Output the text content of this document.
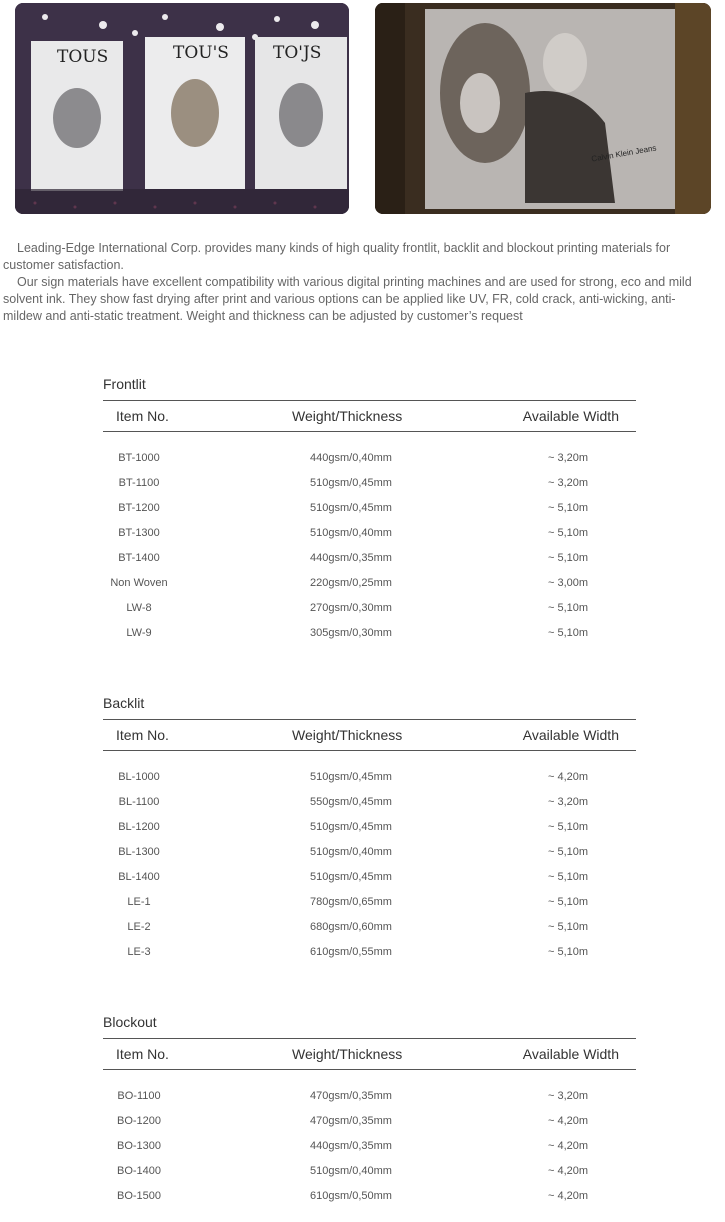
TOUS	TOU'S	TO'JS
Calvin Klein Jeans

Leading-Edge International Corp. provides many kinds of high quality frontlit, backlit and blockout printing materials for customer satisfaction.

Our sign materials have excellent compatibility with various digital printing machines and are used for strong, eco and mild solvent ink. They show fast drying after print and various options can be applied like UV, FR, cold crack, anti-wicking, anti-mildew and anti-static treatment. Weight and thickness can be adjusted by customer’s request

Frontlit
Item No.	Weight/Thickness	Available Width
BT-1000	440gsm/0,40mm	~ 3,20m
BT-1100	510gsm/0,45mm	~ 3,20m
BT-1200	510gsm/0,45mm	~ 5,10m
BT-1300	510gsm/0,40mm	~ 5,10m
BT-1400	440gsm/0,35mm	~ 5,10m
Non Woven	220gsm/0,25mm	~ 3,00m
LW-8	270gsm/0,30mm	~ 5,10m
LW-9	305gsm/0,30mm	~ 5,10m
Backlit
Item No.	Weight/Thickness	Available Width
BL-1000	510gsm/0,45mm	~ 4,20m
BL-1100	550gsm/0,45mm	~ 3,20m
BL-1200	510gsm/0,45mm	~ 5,10m
BL-1300	510gsm/0,40mm	~ 5,10m
BL-1400	510gsm/0,45mm	~ 5,10m
LE-1	780gsm/0,65mm	~ 5,10m
LE-2	680gsm/0,60mm	~ 5,10m
LE-3	610gsm/0,55mm	~ 5,10m
Blockout
Item No.	Weight/Thickness	Available Width
BO-1100	470gsm/0,35mm	~ 3,20m
BO-1200	470gsm/0,35mm	~ 4,20m
BO-1300	440gsm/0,35mm	~ 4,20m
BO-1400	510gsm/0,40mm	~ 4,20m
BO-1500	610gsm/0,50mm	~ 4,20m
